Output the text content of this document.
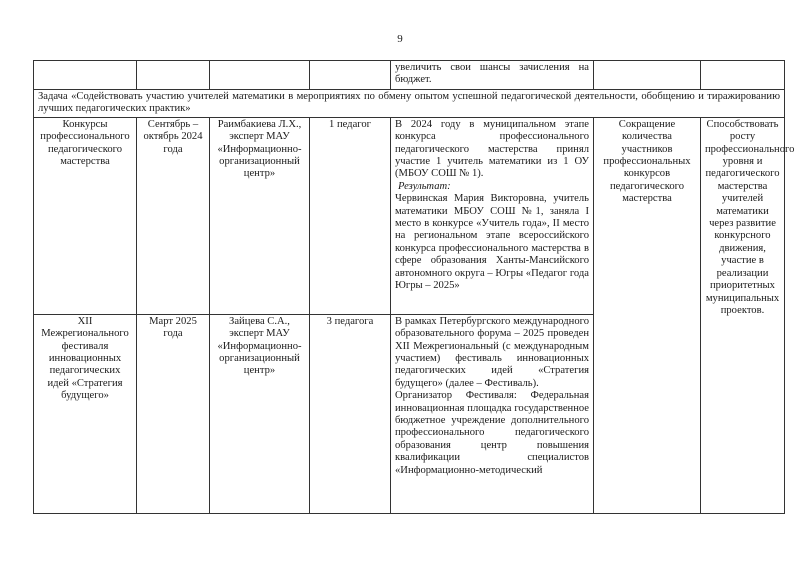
9
				увеличить свои шансы зачисления на бюджет.		
Задача «Содействовать участию учителей математики в мероприятиях по обмену опытом успешной педагогической деятельности, обобщению и тиражированию лучших педагогических практик»						
Конкурсы профессионального педагогического мастерства	Сентябрь – октябрь 2024 года	Раимбакиева Л.Х., эксперт МАУ «Информационно-организационный центр»	1 педагог	В 2024 году в муниципальном этапе конкурса профессионального педагогического мастерства принял участие 1 учитель математики из 1 ОУ (МБОУ СОШ № 1).
Результат:
Червинская Мария Викторовна, учитель математики МБОУ СОШ №1, заняла I место в конкурсе «Учитель года», II место на региональном этапе всероссийского конкурса профессионального мастерства в сфере образования Ханты-Мансийского автономного округа – Югры «Педагог года Югры – 2025»	Сокращение количества участников профессиональных конкурсов педагогического мастерства	Способствовать росту профессионального уровня и педагогического мастерства учителей математики через развитие конкурсного движения, участие в реализации приоритетных муниципальных проектов.
XII Межрегионального фестиваля инновационных педагогических идей «Стратегия будущего»	Март 2025 года	Зайцева С.А., эксперт МАУ «Информационно-организационный центр»	3 педагога	В рамках Петербургского международного образовательного форума – 2025 проведен XII Межрегиональный (с международным участием) фестиваль инновационных педагогических идей «Стратегия будущего» (далее – Фестиваль).
Организатор Фестиваля: Федеральная инновационная площадка государственное бюджетное учреждение дополнительного профессионального педагогического образования центр повышения квалификации специалистов «Информационно-методический		
